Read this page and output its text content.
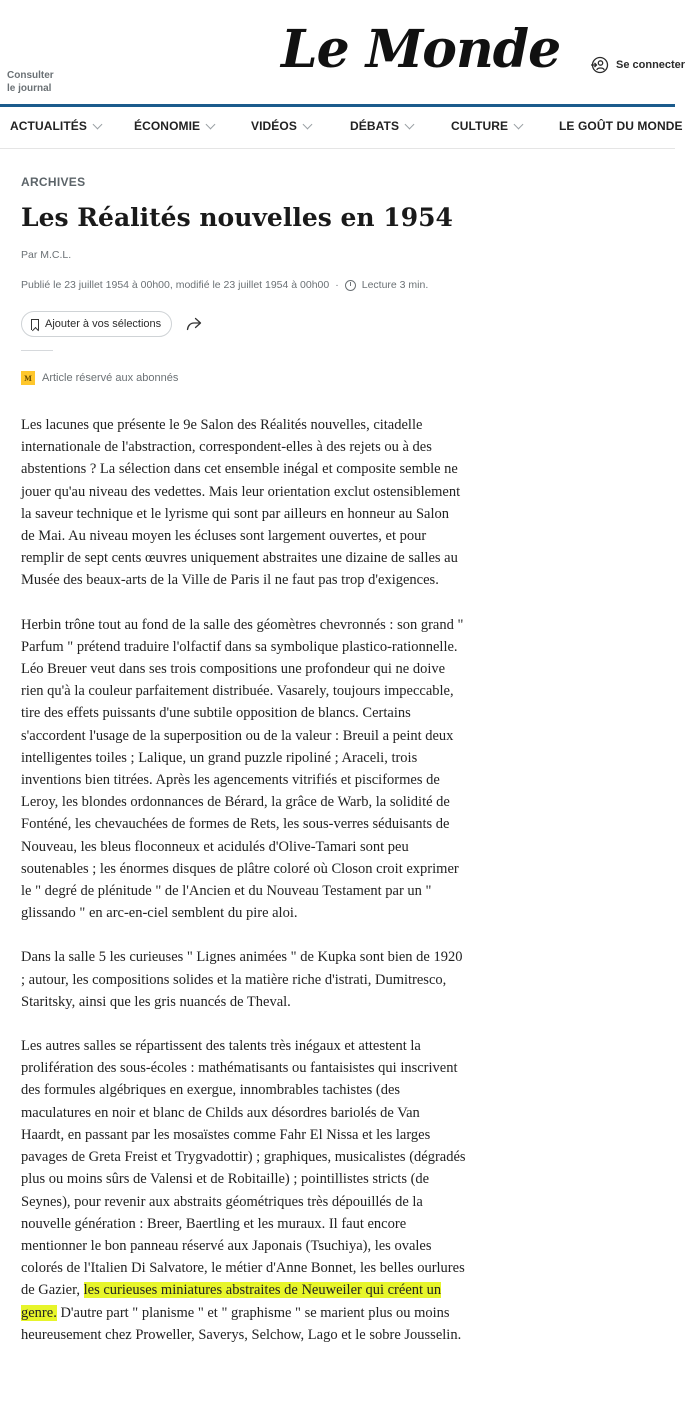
Consulter
le journal
Le Monde	Se connecter
ACTUALITÉS	ÉCONOMIE	VIDÉOS	DÉBATS	CULTURE	LE GOÛT DU MONDE
ARCHIVES
Les Réalités nouvelles en 1954
Par M.C.L.
Publié le 23 juillet 1954 à 00h00, modifié le 23 juillet 1954 à 00h00 · Lecture 3 min.
Ajouter à vos sélections
M Article réservé aux abonnés

Les lacunes que présente le 9e Salon des Réalités nouvelles, citadelle internationale de l'abstraction, correspondent-elles à des rejets ou à des abstentions ? La sélection dans cet ensemble inégal et composite semble ne jouer qu'au niveau des vedettes. Mais leur orientation exclut ostensiblement la saveur technique et le lyrisme qui sont par ailleurs en honneur au Salon de Mai. Au niveau moyen les écluses sont largement ouvertes, et pour remplir de sept cents œuvres uniquement abstraites une dizaine de salles au Musée des beaux-arts de la Ville de Paris il ne faut pas trop d'exigences.

Herbin trône tout au fond de la salle des géomètres chevronnés : son grand " Parfum " prétend traduire l'olfactif dans sa symbolique plastico-rationnelle. Léo Breuer veut dans ses trois compositions une profondeur qui ne doive rien qu'à la couleur parfaitement distribuée. Vasarely, toujours impeccable, tire des effets puissants d'une subtile opposition de blancs. Certains s'accordent l'usage de la superposition ou de la valeur : Breuil a peint deux intelligentes toiles ; Lalique, un grand puzzle ripoliné ; Araceli, trois inventions bien titrées. Après les agencements vitrifiés et pisciformes de Leroy, les blondes ordonnances de Bérard, la grâce de Warb, la solidité de Fonténé, les chevauchées de formes de Rets, les sous-verres séduisants de Nouveau, les bleus floconneux et acidulés d'Olive-Tamari sont peu soutenables ; les énormes disques de plâtre coloré où Closon croit exprimer le " degré de plénitude " de l'Ancien et du Nouveau Testament par un " glissando " en arc-en-ciel semblent du pire aloi.

Dans la salle 5 les curieuses " Lignes animées " de Kupka sont bien de 1920 ; autour, les compositions solides et la matière riche d'istrati, Dumitresco, Staritsky, ainsi que les gris nuancés de Theval.

Les autres salles se répartissent des talents très inégaux et attestent la prolifération des sous-écoles : mathématisants ou fantaisistes qui inscrivent des formules algébriques en exergue, innombrables tachistes (des maculatures en noir et blanc de Childs aux désordres bariolés de Van Haardt, en passant par les mosaïstes comme Fahr El Nissa et les larges pavages de Greta Freist et Trygvadottir) ; graphiques, musicalistes (dégradés plus ou moins sûrs de Valensi et de Robitaille) ; pointillistes stricts (de Seynes), pour revenir aux abstraits géométriques très dépouillés de la nouvelle génération : Breer, Baertling et les muraux. Il faut encore mentionner le bon panneau réservé aux Japonais (Tsuchiya), les ovales colorés de l'Italien Di Salvatore, le métier d'Anne Bonnet, les belles ourlures de Gazier, les curieuses miniatures abstraites de Neuweiler qui créent un genre. D'autre part " planisme " et " graphisme " se marient plus ou moins heureusement chez Proweller, Saverys, Selchow, Lago et le sobre Jousselin.
